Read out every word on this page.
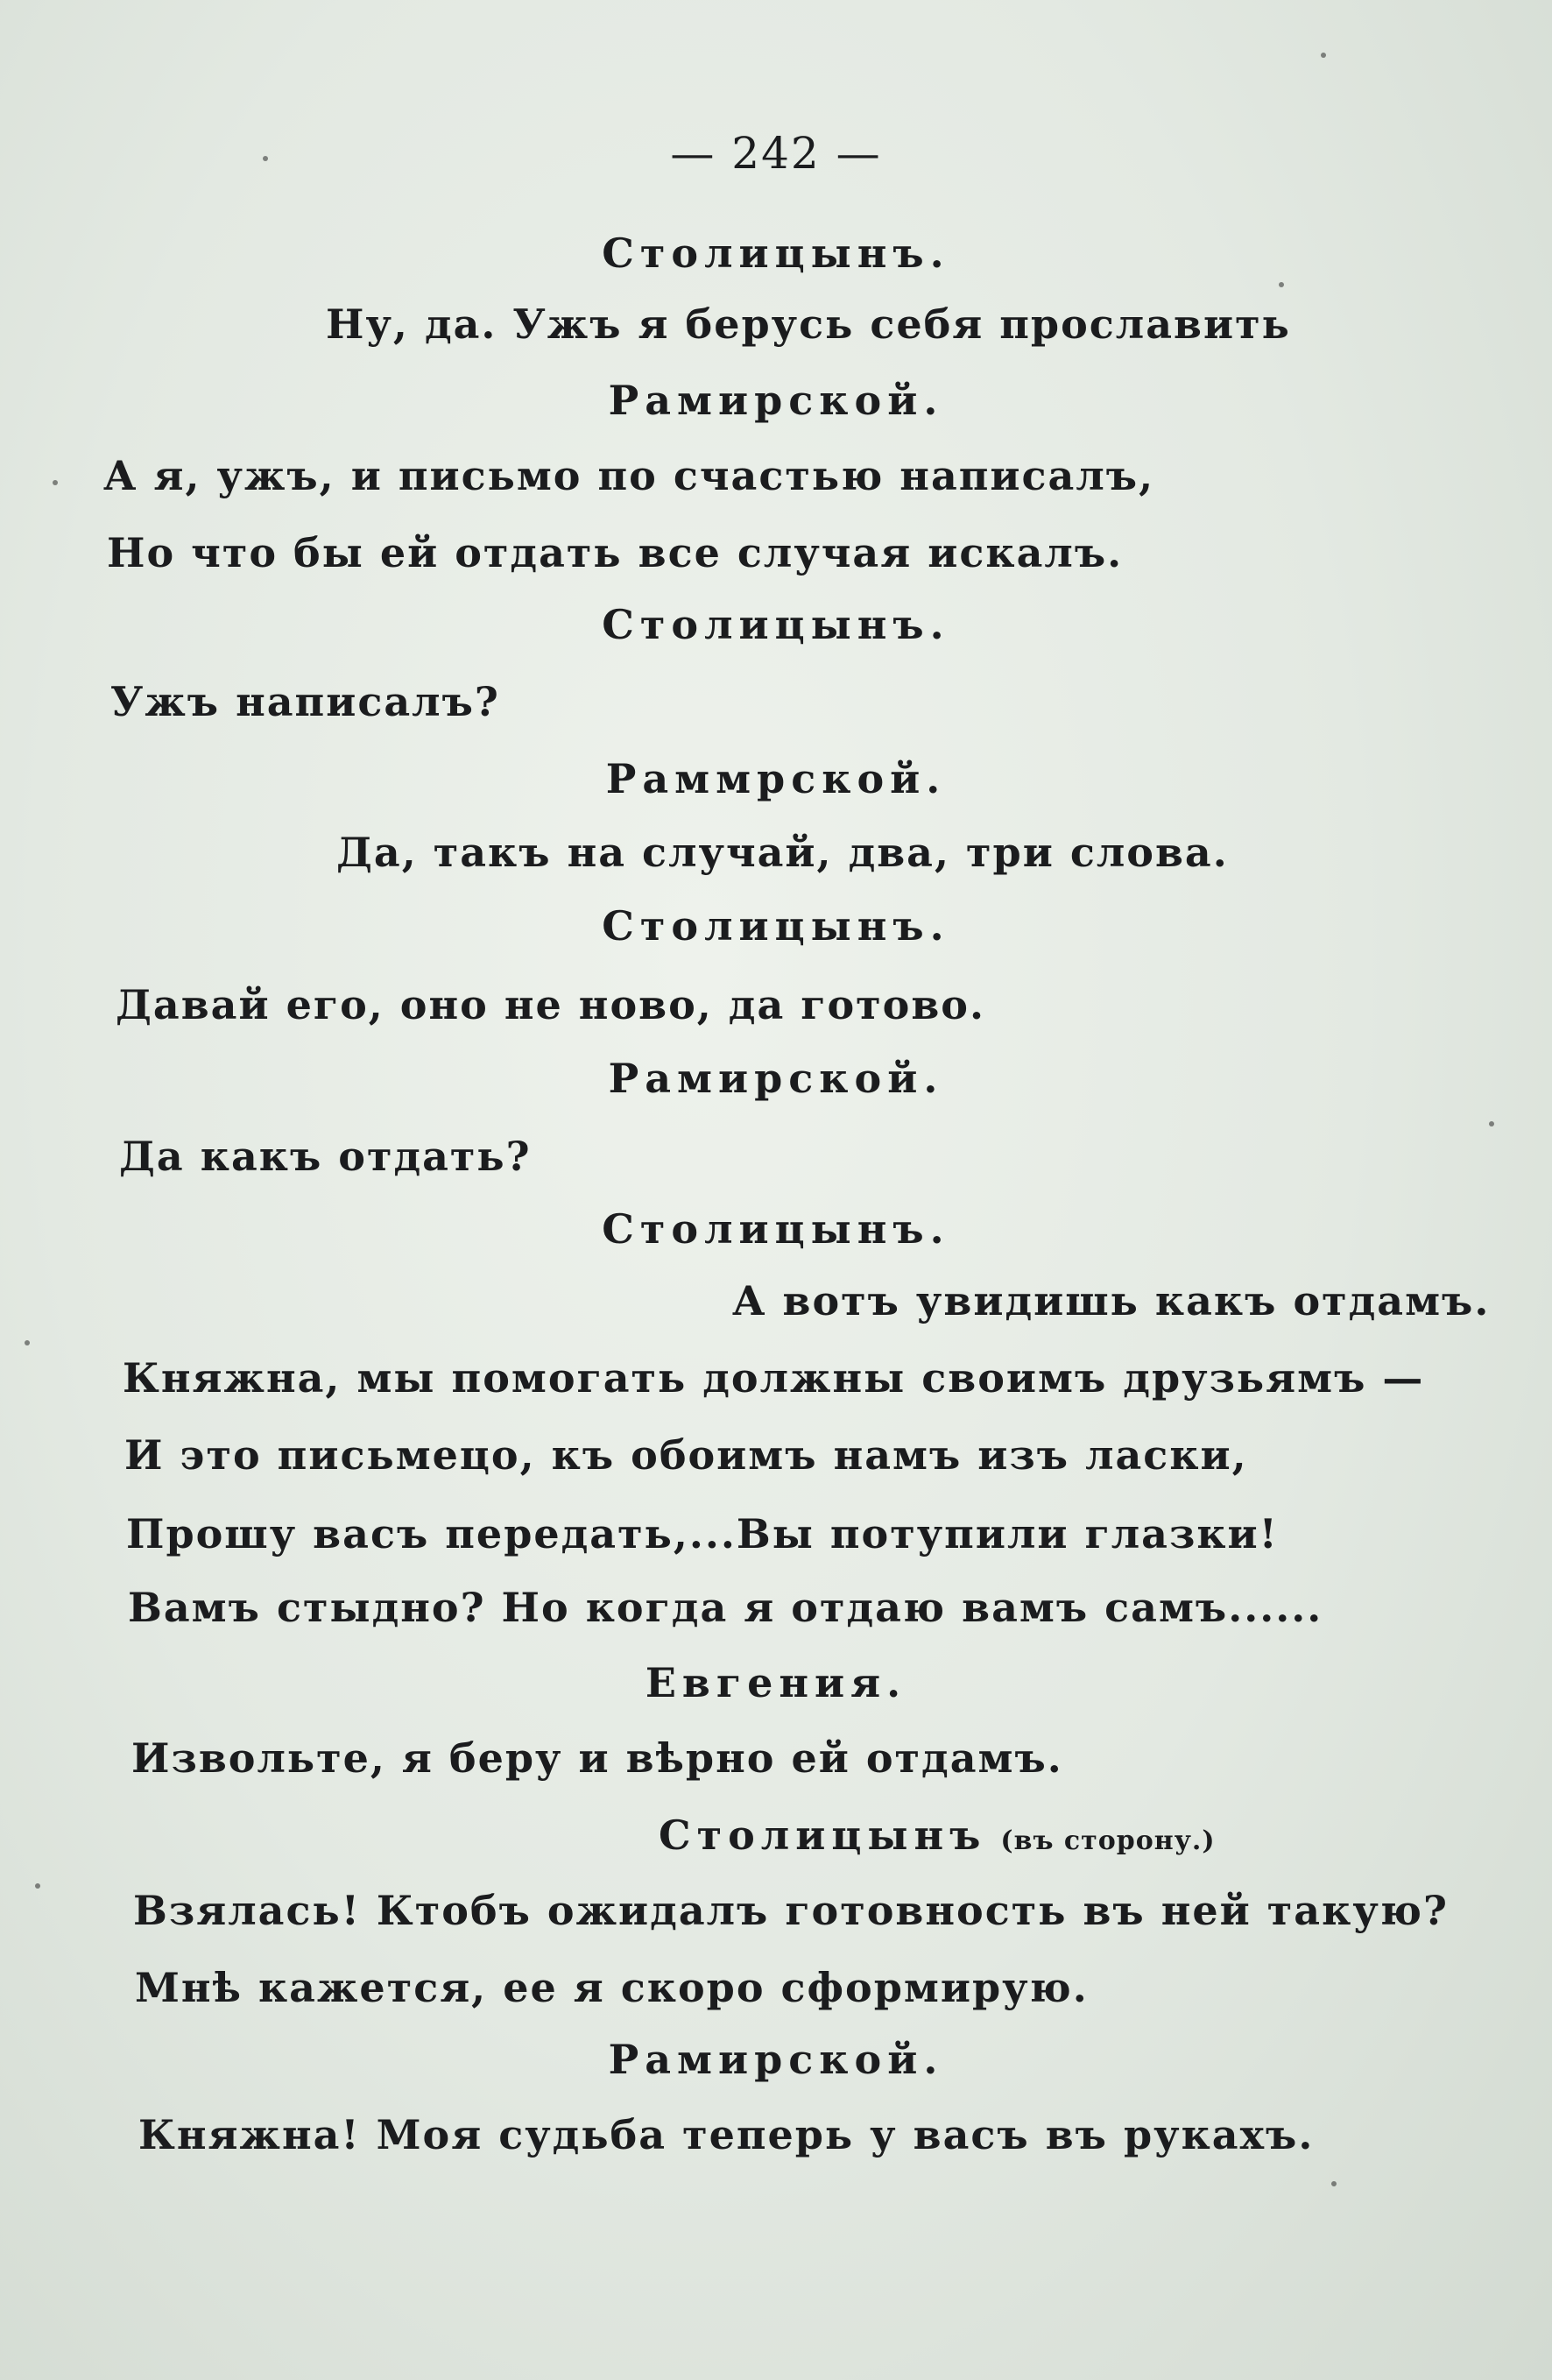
— 242 —
Столицынъ.
Ну, да. Ужъ я берусь себя прославить
Рамирской.
А я, ужъ, и письмо по счастью написалъ,
Но что бы ей отдать все случая искалъ.
Столицынъ.
Ужъ написалъ?
Раммрской.
Да, такъ на случай, два, три слова.
Столицынъ.
Давай его, оно не ново, да готово.
Рамирской.
Да какъ отдать?
Столицынъ.
А вотъ увидишь какъ отдамъ.
Княжна, мы помогать должны своимъ друзьямъ —
И это письмецо, къ обоимъ намъ изъ ласки,
Прошу васъ передать,...Вы потупили глазки!
Вамъ стыдно? Но когда я отдаю вамъ самъ......
Евгения.
Извольте, я беру и вѣрно ей отдамъ.
Столицынъ (въ сторону.)
Взялась! Ктобъ ожидалъ готовность въ ней такую?
Мнѣ кажется, ее я скоро сформирую.
Рамирской.
Княжна! Моя судьба теперь у васъ въ рукахъ.
